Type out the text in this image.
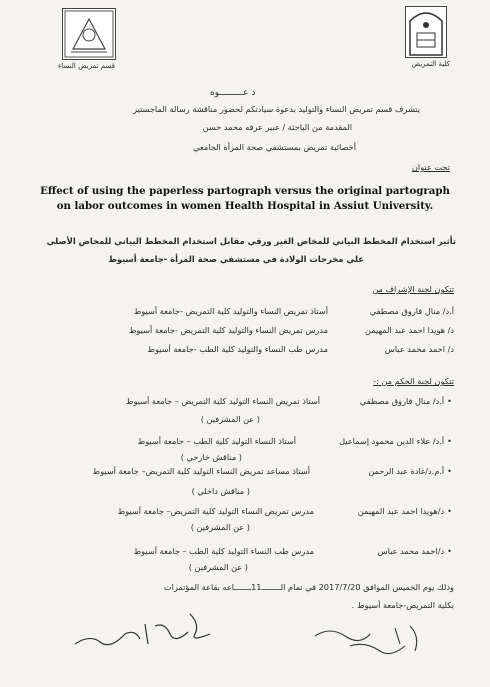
قسم تمريض النساء	كلية التمريض
د عـــــــــوه
يتشرف قسم تمريض النساء والتوليد بدعوة سيادتكم لحضور مناقشة رسالة الماجستير
المقدمة من الباحثة / عبير عرفه محمد حسن
أخصائية تمريض بمستشفي صحة المرأة الجامعي
تحت عنوان
Effect of using the paperless partograph versus the original partograph
on labor outcomes in women Health Hospital in Assiut University.
تأثير استخدام المخطط البياني للمخاض الغير ورقي مقابل استخدام المخطط البياني للمخاض الأصلي
علي مخرجات الولادة في مستشفي صحة المرأة -جامعة أسيوط
تتكون لجنة الإشراف من
أ.د/ منال فاروق مصطفي
أستاذ تمريض النساء والتوليد كلية التمريض -جامعة أسيوط
د/ هويدا احمد عبد المهيمن
مدرس تمريض النساء والتوليد كلية التمريض -جامعة أسيوط
د/ احمد محمد عباس
مدرس طب النساء والتوليد كلية الطب -جامعة أسيوط
تتكون لجنة الحكم من :-
• أ.د/ منال فاروق مصطفي
أستاذ تمريض النساء التوليد كلية التمريض – جامعة أسيوط
( عن المشرفين )
• أ.د/ علاء الدين محمود إسماعيل
أستاذ النساء التوليد كلية الطب – جامعة أسيوط
( مناقش خارجي )
• أ.م.د/غادة عبد الرحمن
أستاذ مساعد تمريض النساء التوليد كلية التمريض– جامعة أسيوط
( مناقش داخلي )
• د/هويدا احمد عبد المهيمن
مدرس تمريض النساء التوليد كلية التمريض– جامعة أسيوط
( عن المشرفين )
• د/احمد محمد عباس
مدرس طب النساء التوليد كلية الطب – جامعة أسيوط
( عن المشرفين )
وذلك يوم الخميس الموافق 2017/7/20 في تمام الــــــــ11ـــــــاعه بقاعة المؤتمرات
بكلية التمريض-جامعة أسيوط .
